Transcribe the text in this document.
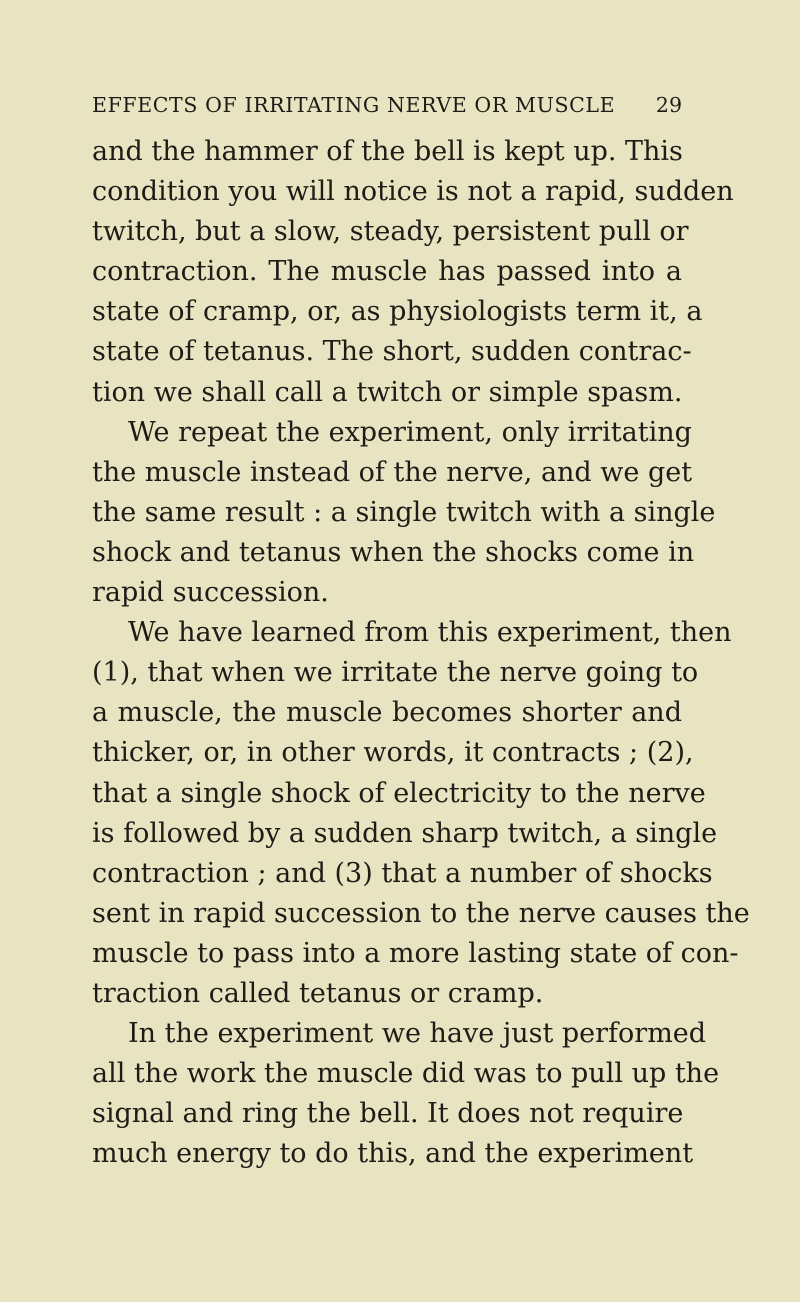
EFFECTS OF IRRITATING NERVE OR MUSCLE 29
and the hammer of the bell is kept up. This
condition you will notice is not a rapid, sudden
twitch, but a slow, steady, persistent pull or
contraction. The muscle has passed into a
state of cramp, or, as physiologists term it, a
state of tetanus. The short, sudden contrac-
tion we shall call a twitch or simple spasm.
We repeat the experiment, only irritating
the muscle instead of the nerve, and we get
the same result : a single twitch with a single
shock and tetanus when the shocks come in
rapid succession.
We have learned from this experiment, then
(1), that when we irritate the nerve going to
a muscle, the muscle becomes shorter and
thicker, or, in other words, it contracts ; (2),
that a single shock of electricity to the nerve
is followed by a sudden sharp twitch, a single
contraction ; and (3) that a number of shocks
sent in rapid succession to the nerve causes the
muscle to pass into a more lasting state of con-
traction called tetanus or cramp.
In the experiment we have just performed
all the work the muscle did was to pull up the
signal and ring the bell. It does not require
much energy to do this, and the experiment
